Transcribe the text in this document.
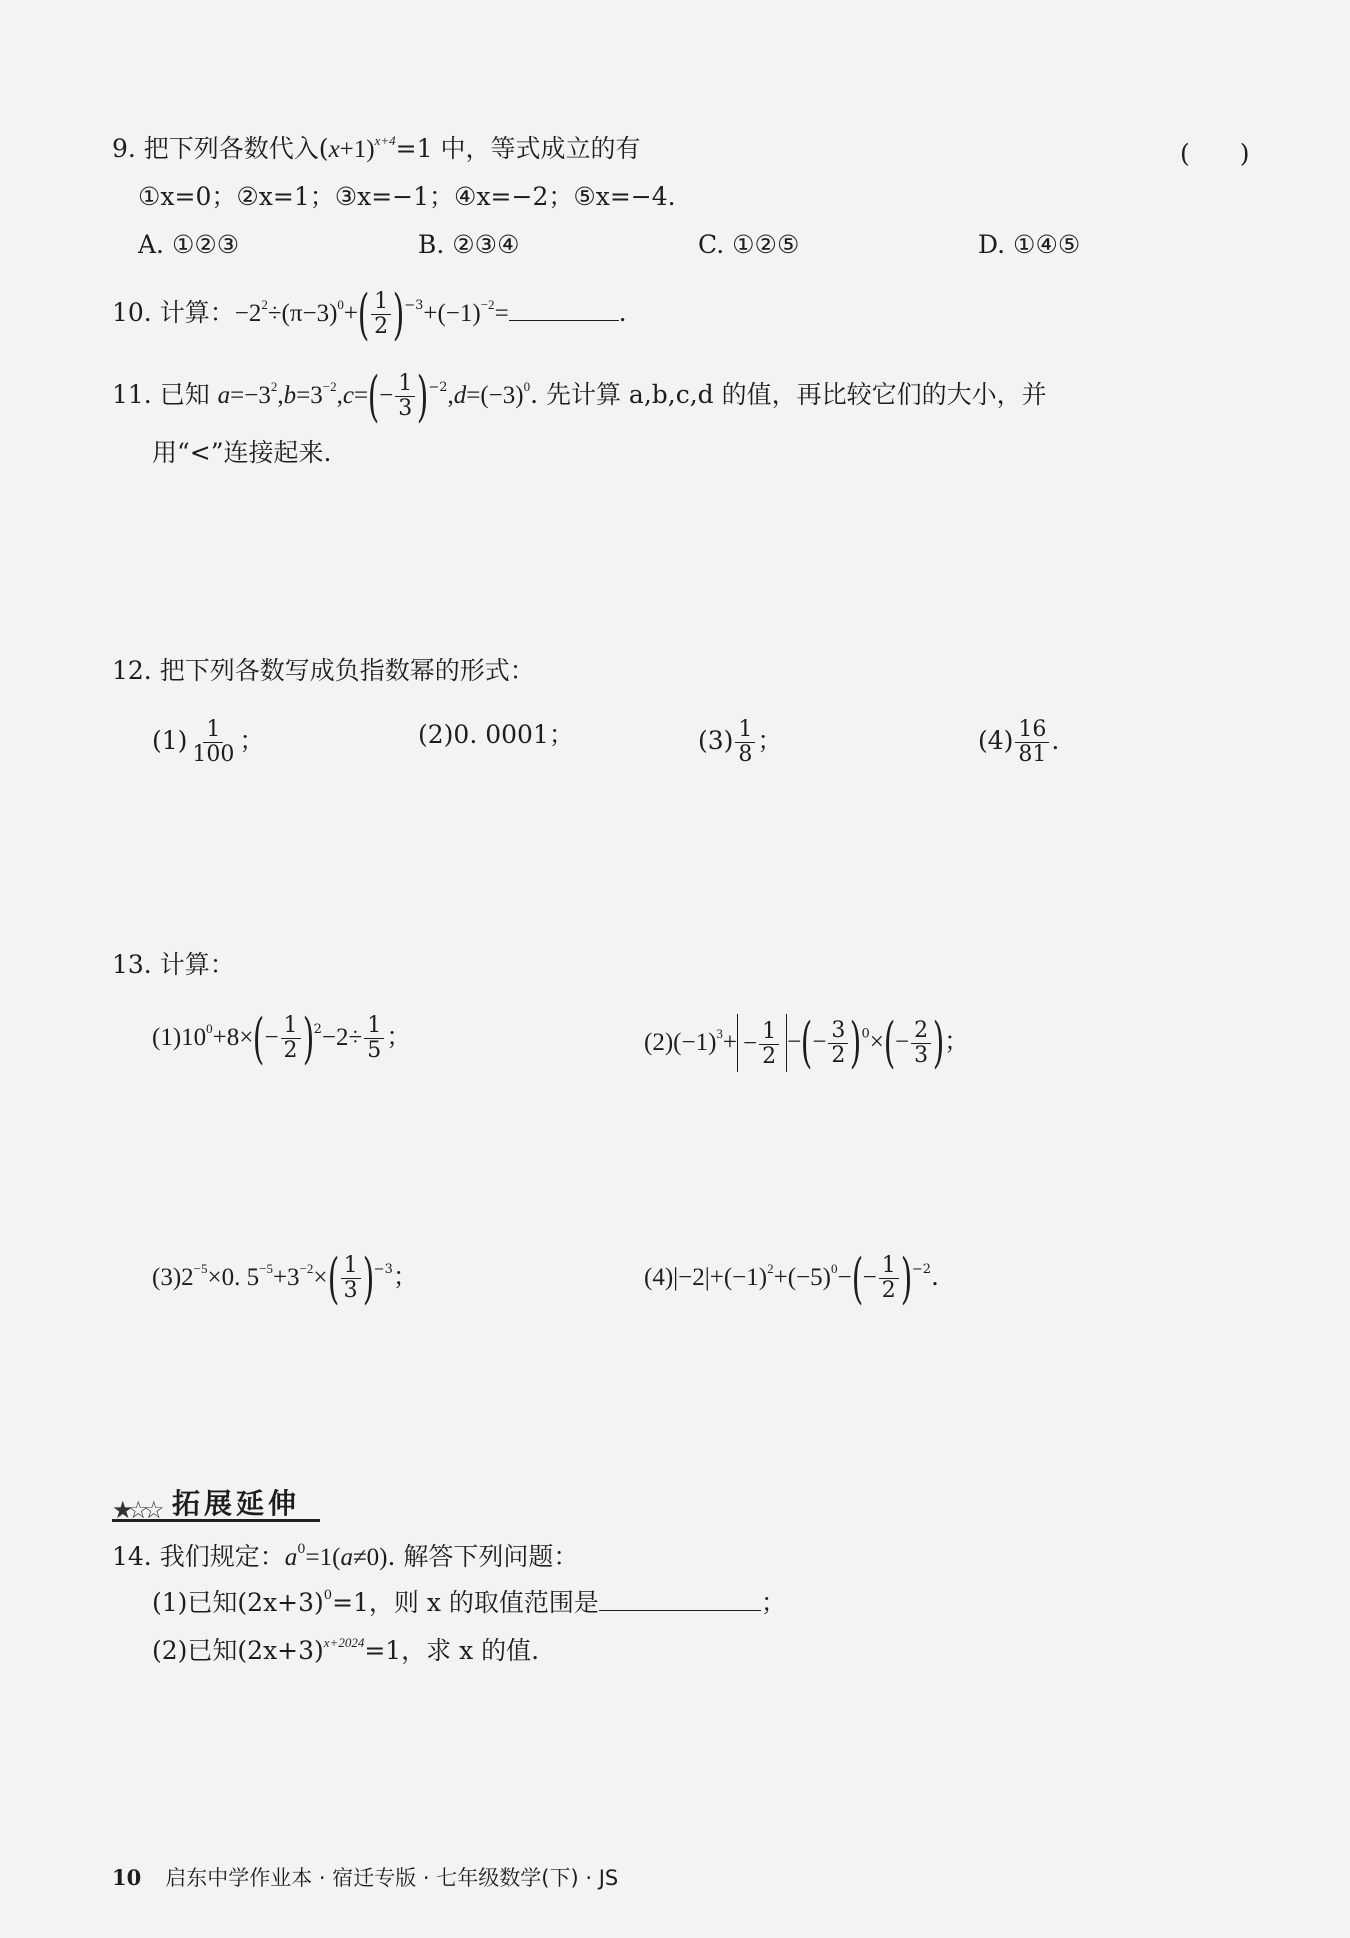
9. 把下列各数代入$(x+1)^{x+4}=1$ 中，等式成立的有	(　　)
①x=0；②x=1；③x=−1；④x=−2；⑤x=−4.
A. ①②③	B. ②③④	C. ①②⑤	D. ①④⑤
10. 计算：$-2^2\div(\pi-3)^0+( \frac{1}{2} )^{-3}+(-1)^{-2}=$	.
11. 已知 $a=-3^2,b=3^{-2},c=(- \frac{1}{3} )^{-2},d=(-3)^0$. 先计算 a,b,c,d 的值，再比较它们的大小，并
用“<”连接起来.
12. 把下列各数写成负指数幂的形式：
$(1) \frac{1}{100}$ ；	(2)0. 0001；	$(3) \frac{1}{8}$ ；	$(4) \frac{16}{81}$ .
13. 计算：
$(1)10^0+8\times(- \frac{1}{2} )^2-2\div \frac{1}{5}$ ；	$(2)(-1)^3+ - \frac{1}{2}$ −(− $\frac{3}{2} )^0\times(- \frac{2}{3}$ )；
$(3)2^{-5}\times 0$. $5^{-5}+3^{-2}\times( \frac{1}{3} )^{-3}$；	$(4)|-2|+(-1)^2+(-5)^0-(- \frac{1}{2} )^{-2}$.
★☆☆ 拓展延伸
14. 我们规定：$a^0=1(a\ne 0)$. 解答下列问题：
(1)已知$(2x+3)^0=1$，则 x 的取值范围是	；
(2)已知$(2x+3)^{x+2024}=1$，求 x 的值.
10 启东中学作业本 · 宿迁专版 · 七年级数学(下) · JS
